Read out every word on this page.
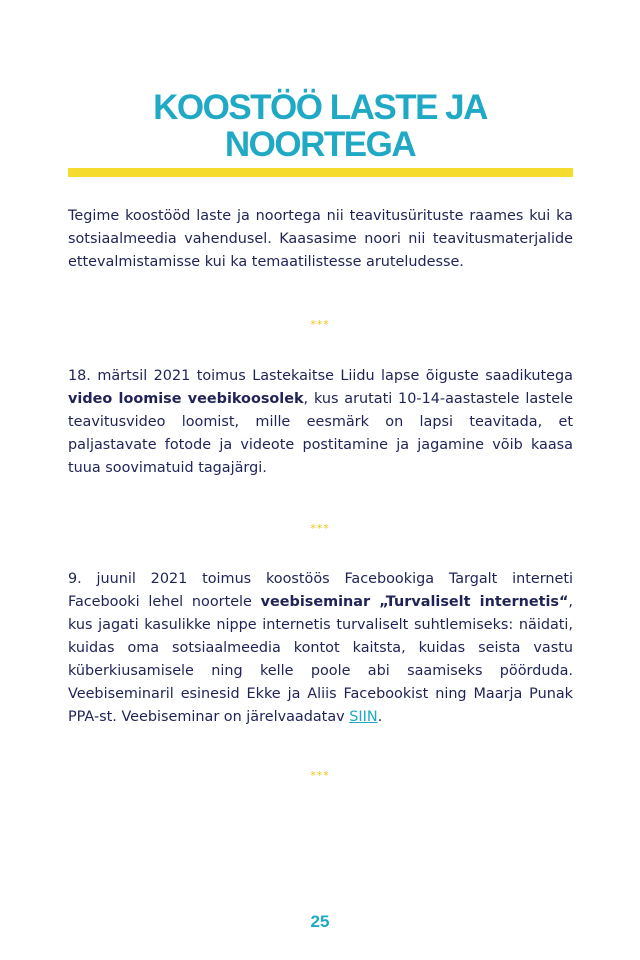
KOOSTÖÖ LASTE JA
NOORTEGA

Tegime koostööd laste ja noortega nii teavitusürituste raames kui ka sotsiaalmeedia vahendusel. Kaasasime noori nii teavitusmaterjalide ettevalmistamisse kui ka temaatilistesse aruteludesse.

***

18. märtsil 2021 toimus Lastekaitse Liidu lapse õiguste saadikutega video loomise veebikoosolek, kus arutati 10-14-aastastele lastele teavitusvideo loomist, mille eesmärk on lapsi teavitada, et paljastavate fotode ja videote postitamine ja jagamine võib kaasa tuua soovimatuid tagajärgi.

***

9. juunil 2021 toimus koostöös Facebookiga Targalt interneti Facebooki lehel noortele veebiseminar „Turvaliselt internetis“, kus jagati kasulikke nippe internetis turvaliselt suhtlemiseks: näidati, kuidas oma sotsiaalmeedia kontot kaitsta, kuidas seista vastu küberkiusamisele ning kelle poole abi saamiseks pöörduda. Veebiseminaril esinesid Ekke ja Aliis Facebookist ning Maarja Punak PPA-st. Veebiseminar on järelvaadatav SIIN.

***
25
